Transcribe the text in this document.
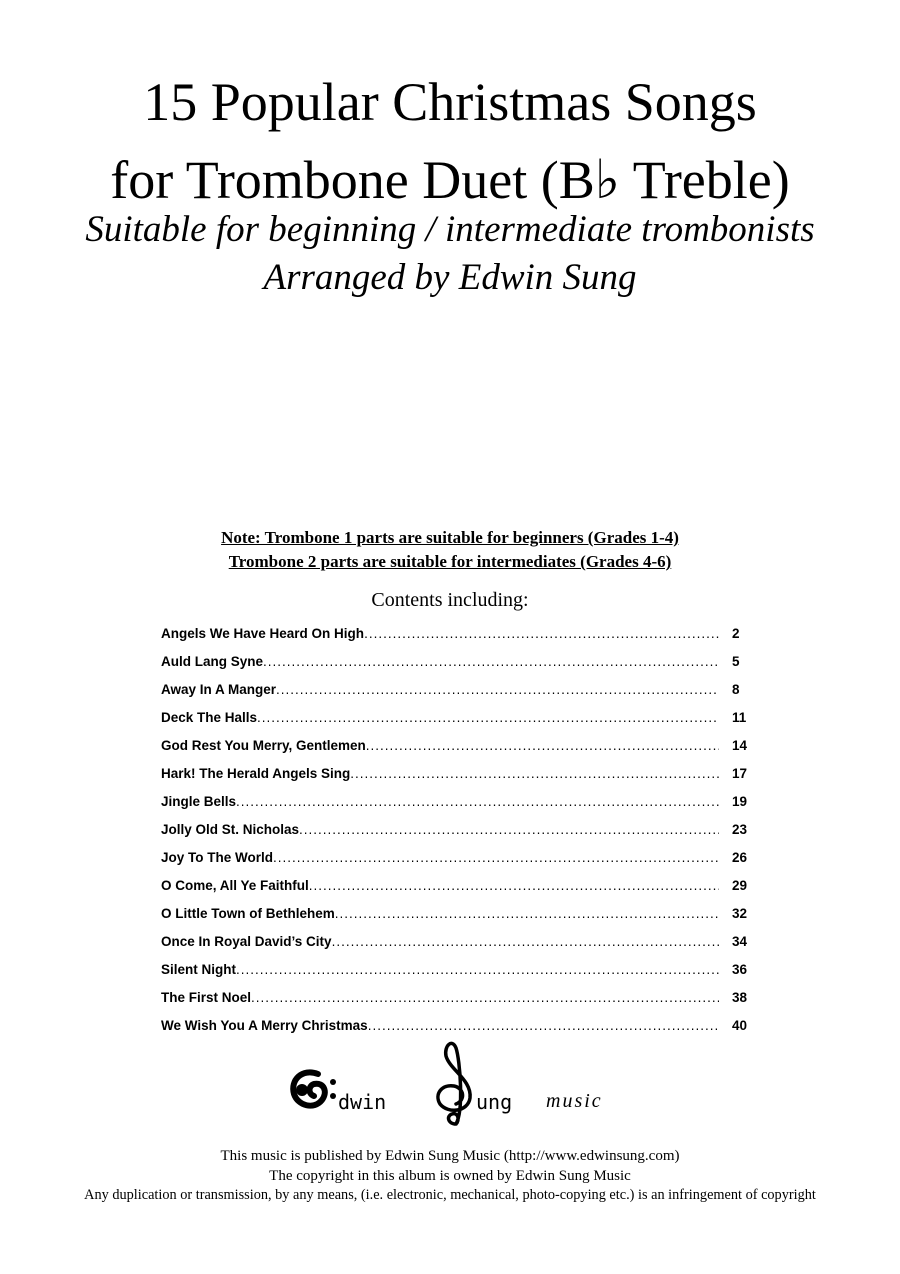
15 Popular Christmas Songs
for Trombone Duet (B♭ Treble)
Suitable for beginning / intermediate trombonists
Arranged by Edwin Sung
Note: Trombone 1 parts are suitable for beginners (Grades 1-4)
Trombone 2 parts are suitable for intermediates (Grades 4-6)
Contents including:
Angels We Have Heard On High .....	2
Auld Lang Syne .....	5
Away In A Manger .....	8
Deck The Halls .....	11
God Rest You Merry, Gentlemen .....	14
Hark! The Herald Angels Sing .....	17
Jingle Bells .....	19
Jolly Old St. Nicholas .....	23
Joy To The World .....	26
O Come, All Ye Faithful .....	29
O Little Town of Bethlehem .....	32
Once In Royal David’s City .....	34
Silent Night .....	36
The First Noel .....	38
We Wish You A Merry Christmas .....	40
dwin	ung music
This music is published by Edwin Sung Music (http://www.edwinsung.com)
The copyright in this album is owned by Edwin Sung Music
Any duplication or transmission, by any means, (i.e. electronic, mechanical, photo-copying etc.) is an infringement of copyright
